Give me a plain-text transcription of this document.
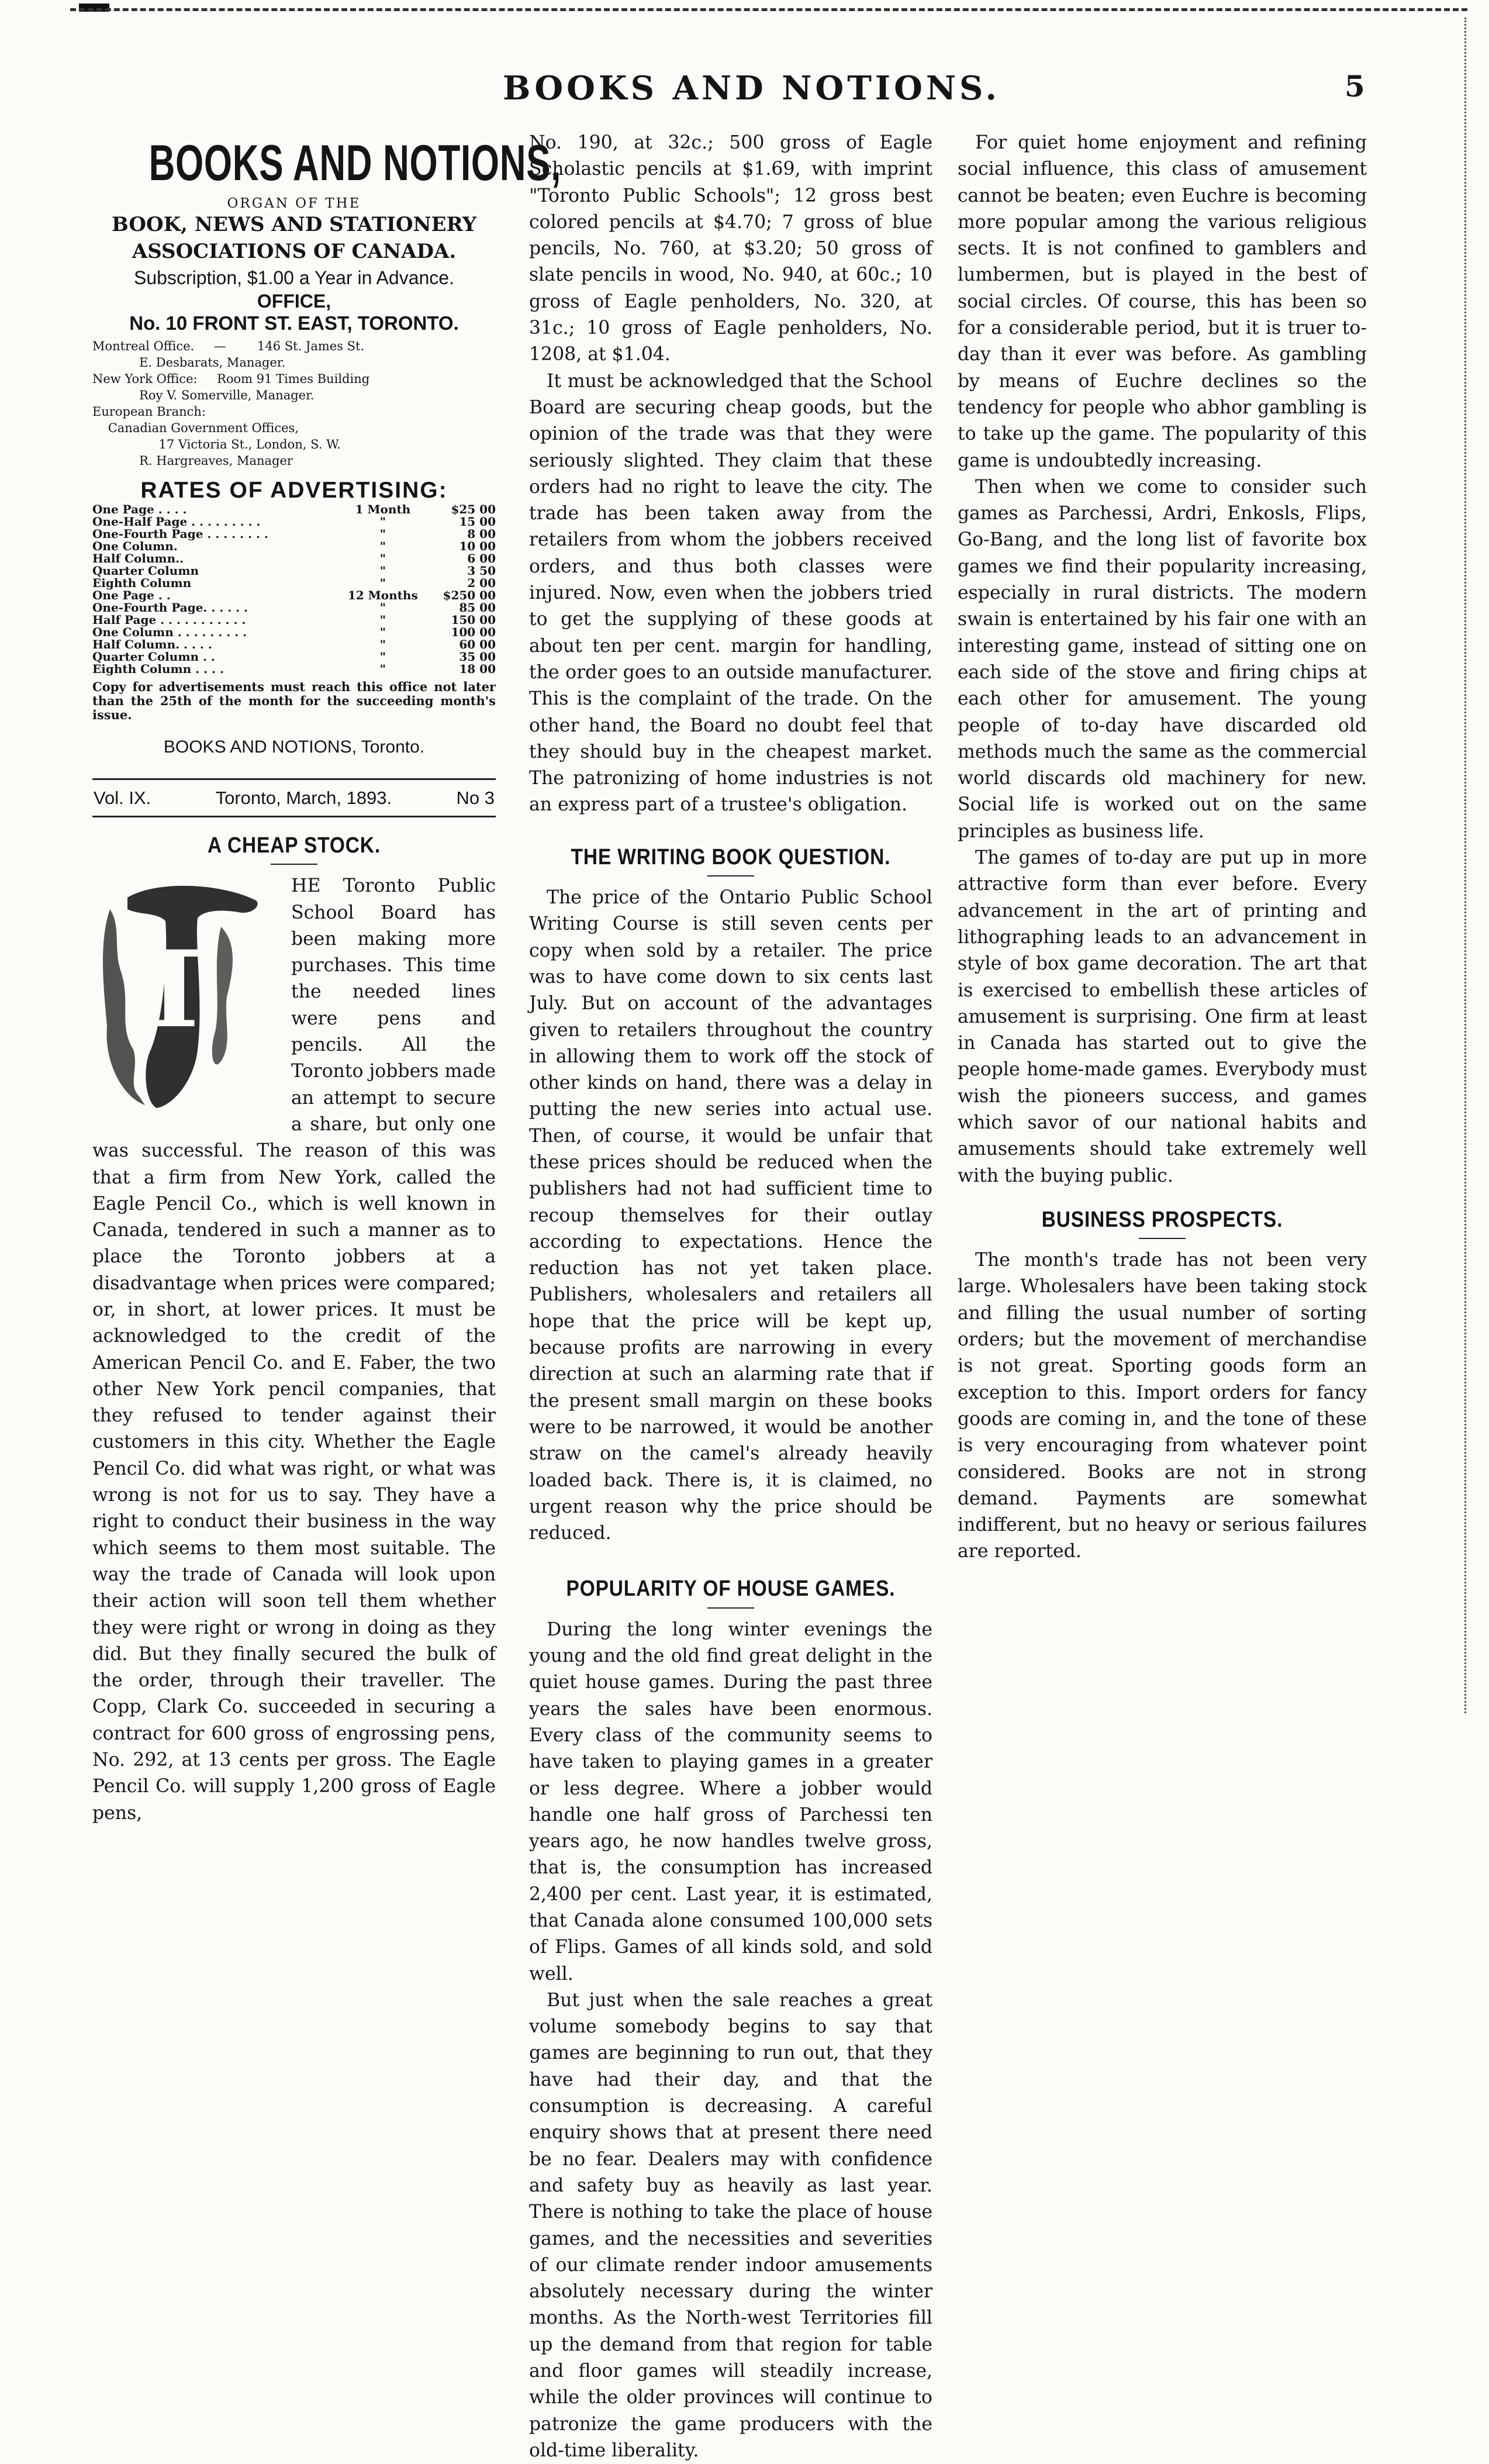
BOOKS AND NOTIONS.	5
BOOKS AND NOTIONS,
ORGAN OF THE
BOOK, NEWS AND STATIONERY
ASSOCIATIONS OF CANADA.
Subscription, $1.00 a Year in Advance.
OFFICE,
No. 10 FRONT ST. EAST, TORONTO.
Montreal Office.     —        146 St. James St.
E. Desbarats, Manager.
New York Office:     Room 91 Times Building
Roy V. Somerville, Manager.
European Branch:
Canadian Government Offices,
17 Victoria St., London, S. W.
R. Hargreaves, Manager
RATES OF ADVERTISING:
One Page . . . .	1 Month	$25 00
One-Half Page . . . . . . . . .	"	15 00
One-Fourth Page . . . . . . . .	"	8 00
One Column.	"	10 00
Half Column..	"	6 00
Quarter Column	"	3 50
Eighth Column	"	2 00
One Page . .	12 Months	$250 00
One-Fourth Page. . . . . .	"	85 00
Half Page . . . . . . . . . . .	"	150 00
One Column . . . . . . . . .	"	100 00
Half Column. . . . .	"	60 00
Quarter Column . .	"	35 00
Eighth Column . . . .	"	18 00
Copy for advertisements must reach this office not later than the 25th of the month for the succeeding month's issue.
BOOKS AND NOTIONS, Toronto.
Vol. IX.	Toronto, March, 1893.	No 3
A CHEAP STOCK.
T

HE Toronto Public School Board has been making more purchases. This time the needed lines were pens and pencils. All the Toronto jobbers made an attempt to secure a share, but only one was successful. The reason of this was that a firm from New York, called the Eagle Pencil Co., which is well known in Canada, tendered in such a manner as to place the Toronto jobbers at a disadvantage when prices were compared; or, in short, at lower prices. It must be acknowledged to the credit of the American Pencil Co. and E. Faber, the two other New York pencil companies, that they refused to tender against their customers in this city. Whether the Eagle Pencil Co. did what was right, or what was wrong is not for us to say. They have a right to conduct their business in the way which seems to them most suitable. The way the trade of Canada will look upon their action will soon tell them whether they were right or wrong in doing as they did. But they finally secured the bulk of the order, through their traveller. The Copp, Clark Co. succeeded in securing a contract for 600 gross of engrossing pens, No. 292, at 13 cents per gross. The Eagle Pencil Co. will supply 1,200 gross of Eagle pens,

No. 190, at 32c.; 500 gross of Eagle Scholastic pencils at $1.69, with imprint "Toronto Public Schools"; 12 gross best colored pencils at $4.70; 7 gross of blue pencils, No. 760, at $3.20; 50 gross of slate pencils in wood, No. 940, at 60c.; 10 gross of Eagle penholders, No. 320, at 31c.; 10 gross of Eagle penholders, No. 1208, at $1.04.

It must be acknowledged that the School Board are securing cheap goods, but the opinion of the trade was that they were seriously slighted. They claim that these orders had no right to leave the city. The trade has been taken away from the retailers from whom the jobbers received orders, and thus both classes were injured. Now, even when the jobbers tried to get the supplying of these goods at about ten per cent. margin for handling, the order goes to an outside manufacturer. This is the complaint of the trade. On the other hand, the Board no doubt feel that they should buy in the cheapest market. The patronizing of home industries is not an express part of a trustee's obligation.

THE WRITING BOOK QUESTION.

The price of the Ontario Public School Writing Course is still seven cents per copy when sold by a retailer. The price was to have come down to six cents last July. But on account of the advantages given to retailers throughout the country in allowing them to work off the stock of other kinds on hand, there was a delay in putting the new series into actual use. Then, of course, it would be unfair that these prices should be reduced when the publishers had not had sufficient time to recoup themselves for their outlay according to expectations. Hence the reduction has not yet taken place. Publishers, wholesalers and retailers all hope that the price will be kept up, because profits are narrowing in every direction at such an alarming rate that if the present small margin on these books were to be narrowed, it would be another straw on the camel's already heavily loaded back. There is, it is claimed, no urgent reason why the price should be reduced.

POPULARITY OF HOUSE GAMES.

During the long winter evenings the young and the old find great delight in the quiet house games. During the past three years the sales have been enormous. Every class of the community seems to have taken to playing games in a greater or less degree. Where a jobber would handle one half gross of Parchessi ten years ago, he now handles twelve gross, that is, the consumption has increased 2,400 per cent. Last year, it is estimated, that Canada alone consumed 100,000 sets of Flips. Games of all kinds sold, and sold well.

But just when the sale reaches a great volume somebody begins to say that games are beginning to run out, that they have had their day, and that the consumption is decreasing. A careful enquiry shows that at present there need be no fear. Dealers may with confidence and safety buy as heavily as last year. There is nothing to take the place of house games, and the necessities and severities of our climate render indoor amusements absolutely necessary during the winter months. As the North-west Territories fill up the demand from that region for table and floor games will steadily increase, while the older provinces will continue to patronize the game producers with the old-time liberality.

For quiet home enjoyment and refining social influence, this class of amusement cannot be beaten; even Euchre is becoming more popular among the various religious sects. It is not confined to gamblers and lumbermen, but is played in the best of social circles. Of course, this has been so for a considerable period, but it is truer to-day than it ever was before. As gambling by means of Euchre declines so the tendency for people who abhor gambling is to take up the game. The popularity of this game is undoubtedly increasing.

Then when we come to consider such games as Parchessi, Ardri, Enkosls, Flips, Go-Bang, and the long list of favorite box games we find their popularity increasing, especially in rural districts. The modern swain is entertained by his fair one with an interesting game, instead of sitting one on each side of the stove and firing chips at each other for amusement. The young people of to-day have discarded old methods much the same as the commercial world discards old machinery for new. Social life is worked out on the same principles as business life.

The games of to-day are put up in more attractive form than ever before. Every advancement in the art of printing and lithographing leads to an advancement in style of box game decoration. The art that is exercised to embellish these articles of amusement is surprising. One firm at least in Canada has started out to give the people home-made games. Everybody must wish the pioneers success, and games which savor of our national habits and amusements should take extremely well with the buying public.

BUSINESS PROSPECTS.

The month's trade has not been very large. Wholesalers have been taking stock and filling the usual number of sorting orders; but the movement of merchandise is not great. Sporting goods form an exception to this. Import orders for fancy goods are coming in, and the tone of these is very encouraging from whatever point considered. Books are not in strong demand. Payments are somewhat indifferent, but no heavy or serious failures are reported.
